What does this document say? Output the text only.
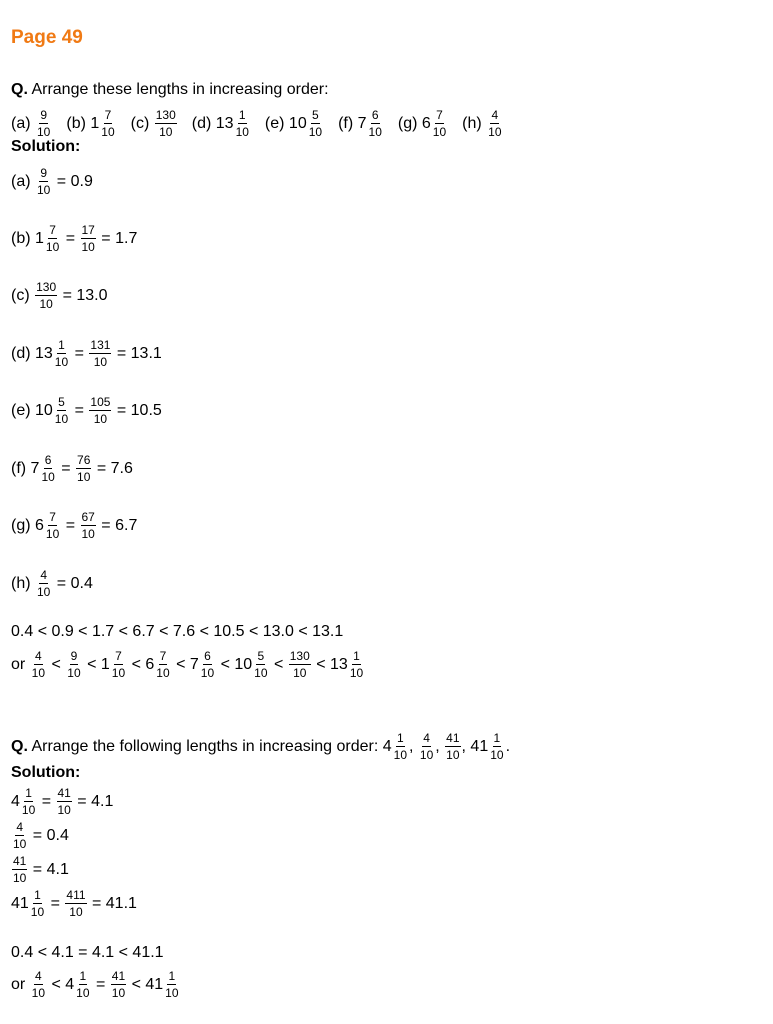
Page 49
Q. Arrange these lengths in increasing order:
$(a) \frac{9}{10} (b)$ $1 \frac{7}{10} (c) \frac{130}{10} (d)$ $13 \frac{1}{10} (e)$ $10 \frac{5}{10} (f)$ $7 \frac{6}{10} (g)$ $6 \frac{7}{10} (h) \frac{4}{10}$
Solution:
$(a) \frac{9}{10} = 0.9$
(b) $1 \frac{7}{10} = \frac{17}{10} = 1.7$
$(c) \frac{130}{10} = 13.0$
(d) $13 \frac{1}{10} = \frac{131}{10} = 13.1$
(e) $10 \frac{5}{10} = \frac{105}{10} = 10.5$
(f) $7 \frac{6}{10} = \frac{76}{10} = 7.6$
(g) $6 \frac{7}{10} = \frac{67}{10} = 6.7$
$(h) \frac{4}{10} = 0.4$
0.4 < 0.9 < 1.7 < 6.7 < 7.6 < 10.5 < 13.0 < 13.1
or $\frac{4}{10} < \frac{9}{10} < 1 \frac{7}{10} < 6 \frac{7}{10} < 7 \frac{6}{10} < 10 \frac{5}{10} < \frac{130}{10} < 13 \frac{1}{10}$
Q. Arrange the following lengths in increasing order: $4 \frac{1}{10}$ , $\frac{4}{10}$ , $\frac{41}{10}$ , $41 \frac{1}{10}$ .
Solution:
$4 \frac{1}{10} = \frac{41}{10} = 4.1$
$\frac{4}{10} = 0.4$
$\frac{41}{10} = 4.1$
$41 \frac{1}{10} = \frac{411}{10} = 41.1$
0.4 < 4.1 = 4.1 < 41.1
or $\frac{4}{10} < 4 \frac{1}{10} = \frac{41}{10} < 41 \frac{1}{10}$
